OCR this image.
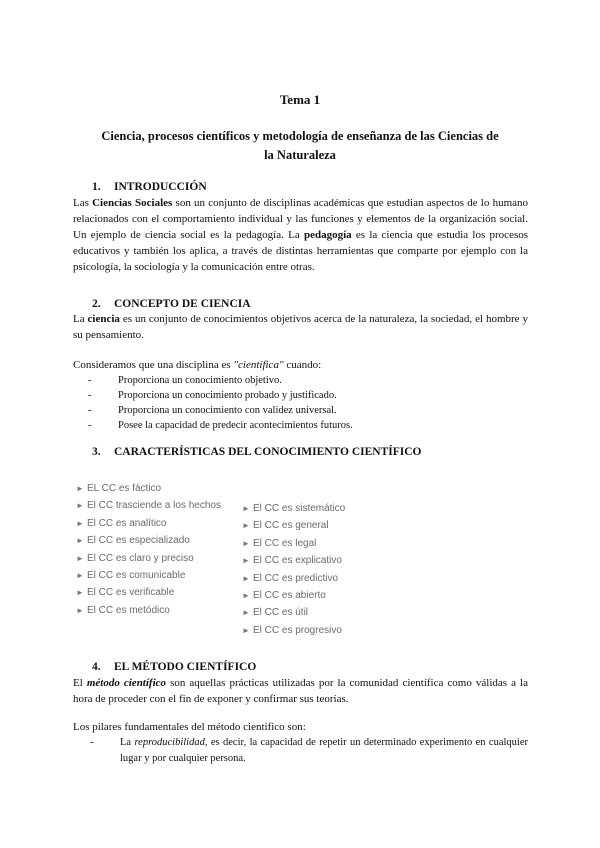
Tema 1
Ciencia, procesos científicos y metodología de enseñanza de las Ciencias de la Naturaleza
1. INTRODUCCIÓN
Las Ciencias Sociales son un conjunto de disciplinas académicas que estudian aspectos de lo humano relacionados con el comportamiento individual y las funciones y elementos de la organización social. Un ejemplo de ciencia social es la pedagogía. La pedagogía es la ciencia que estudia los procesos educativos y también los aplica, a través de distintas herramientas que comparte por ejemplo con la psicología, la sociología y la comunicación entre otras.
2. CONCEPTO DE CIENCIA
La ciencia es un conjunto de conocimientos objetivos acerca de la naturaleza, la sociedad, el hombre y su pensamiento.
Consideramos que una disciplina es "científica" cuando:
-	Proporciona un conocimiento objetivo.
-	Proporciona un conocimiento probado y justificado.
-	Proporciona un conocimiento con validez universal.
-	Posee la capacidad de predecir acontecimientos futuros.
3. CARACTERÍSTICAS DEL CONOCIMIENTO CIENTÍFICO
► EL CC es fáctico
► El CC trasciende a los hechos
► El CC es analítico
► El CC es especializado
► El CC es claro y preciso
► El CC es comunicable
► El CC es verificable
► El CC es metódico
► El CC es sistemático
► El CC es general
► El CC es legal
► El CC es explicativo
► El CC es predictivo
► El CC es abierto
► El CC es útil
► El CC es progresivo
4. EL MÉTODO CIENTÍFICO
El método científico son aquellas prácticas utilizadas por la comunidad científica como válidas a la hora de proceder con el fin de exponer y confirmar sus teorías.
Los pilares fundamentales del método científico son:
-	La reproducibilidad, es decir, la capacidad de repetir un determinado experimento en cualquier lugar y por cualquier persona.
